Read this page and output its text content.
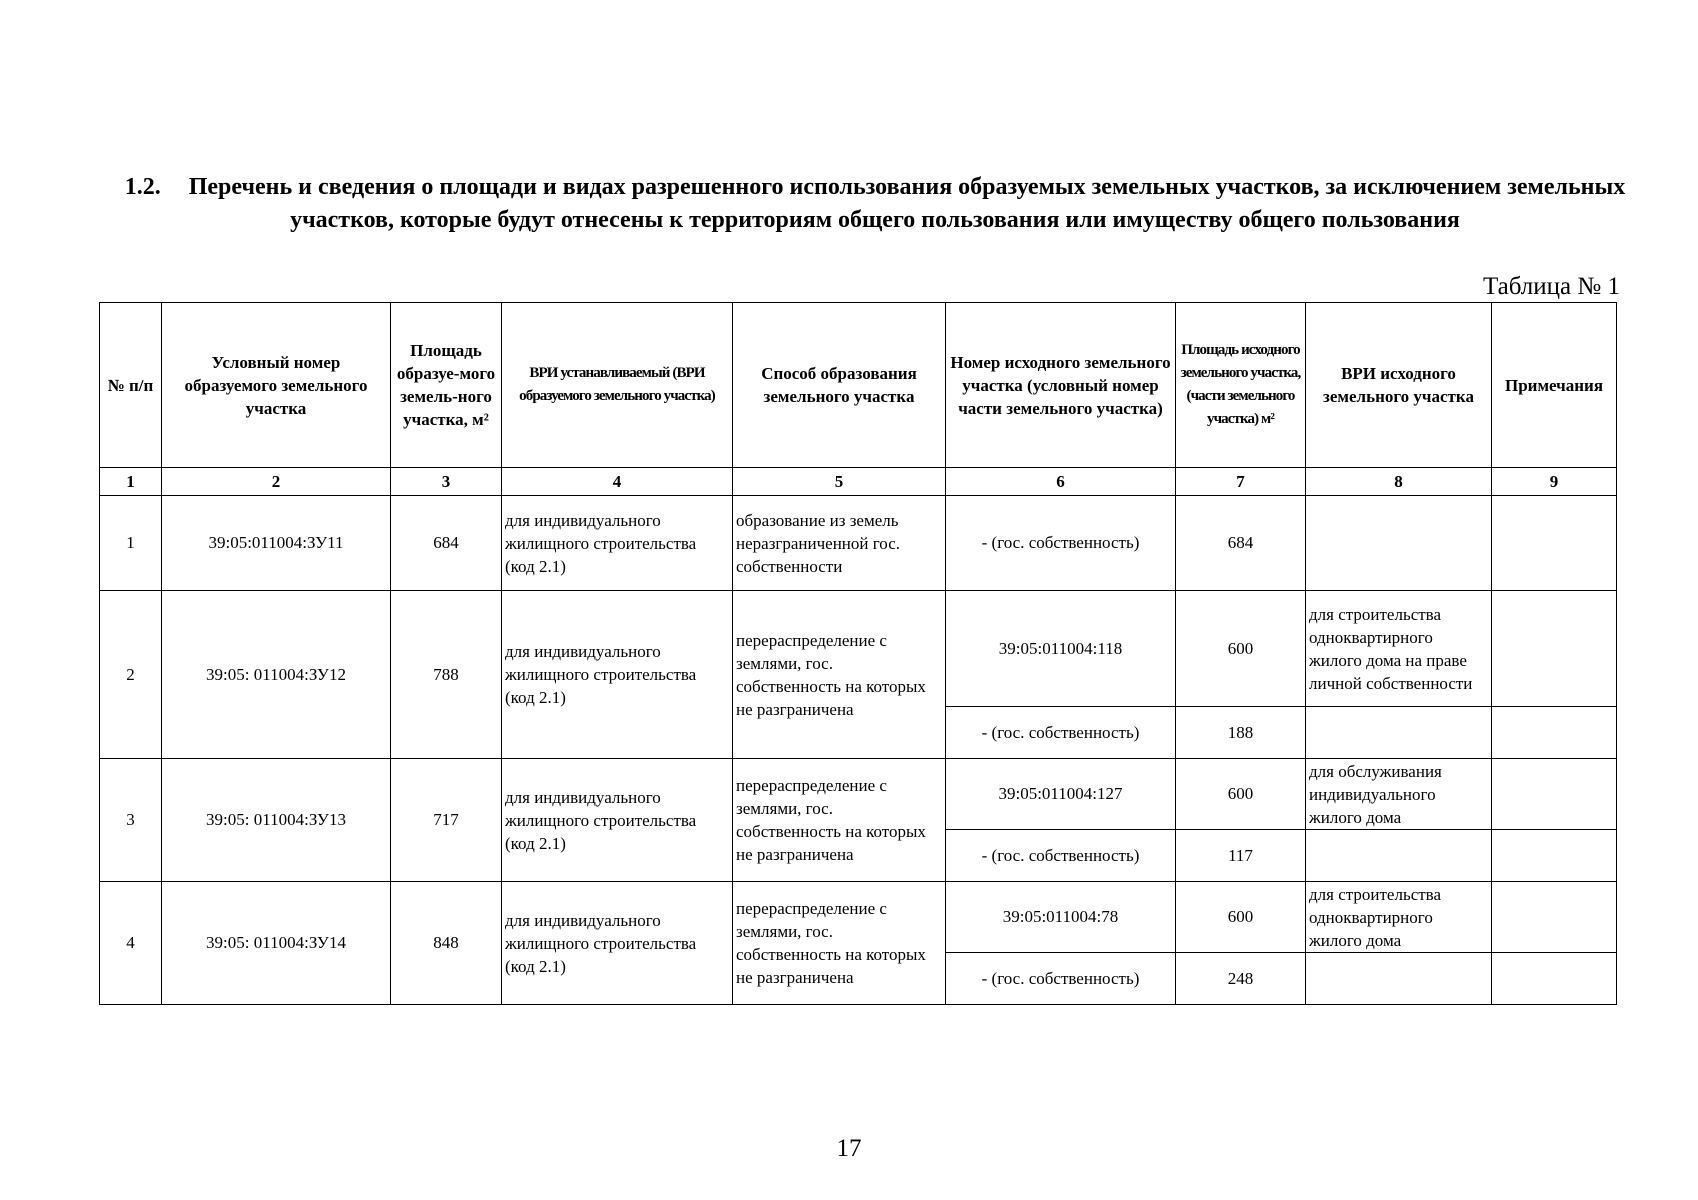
1.2. Перечень и сведения о площади и видах разрешенного использования образуемых земельных участков, за исключением земельных участков, которые будут отнесены к территориям общего пользования или имуществу общего пользования
Таблица № 1
№ п/п	Условный номер образуемого земельного участка	Площадь образуе-мого земель-ного участка, м²	ВРИ устанавливаемый (ВРИ образуемого земельного участка)	Способ образования земельного участка	Номер исходного земельного участка (условный номер части земельного участка)	Площадь исходного земельного участка, (части земельного участка) м²	ВРИ исходного земельного участка	Примечания
1	2	3	4	5	6	7	8	9
1	39:05:011004:ЗУ11	684	для индивидуального жилищного строительства (код 2.1)	образование из земель неразграниченной гос. собственности	- (гос. собственность)	684		
2	39:05: 011004:ЗУ12	788	для индивидуального жилищного строительства (код 2.1)	перераспределение с землями, гос. собственность на которых не разграничена	39:05:011004:118	600	для строительства одноквартирного жилого дома на праве личной собственности	
					- (гос. собственность)	188		
3	39:05: 011004:ЗУ13	717	для индивидуального жилищного строительства (код 2.1)	перераспределение с землями, гос. собственность на которых не разграничена	39:05:011004:127	600	для обслуживания индивидуального жилого дома	
					- (гос. собственность)	117		
4	39:05: 011004:ЗУ14	848	для индивидуального жилищного строительства (код 2.1)	перераспределение с землями, гос. собственность на которых не разграничена	39:05:011004:78	600	для строительства одноквартирного жилого дома	
					- (гос. собственность)	248		
17
